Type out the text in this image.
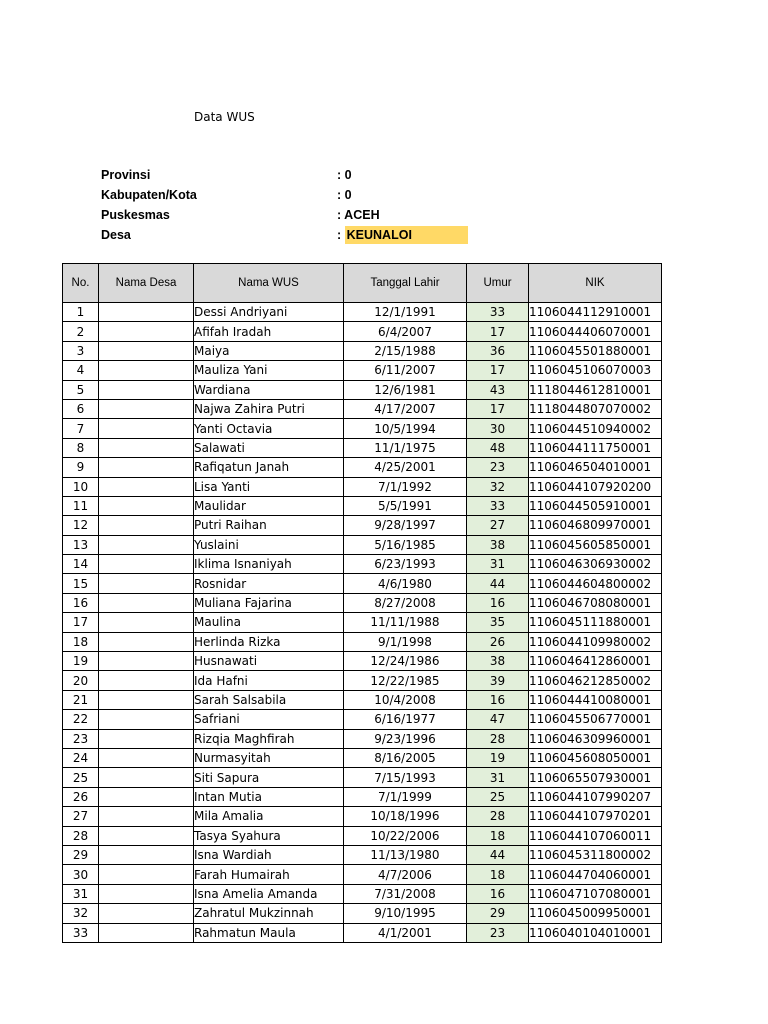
Data WUS
Provinsi	: 0
Kabupaten/Kota	: 0
Puskesmas	: ACEH
Desa	: KEUNALOI
No.	Nama Desa	Nama WUS	Tanggal Lahir	Umur	NIK
1		Dessi Andriyani	12/1/1991	33	1106044112910001
2		Afifah Iradah	6/4/2007	17	1106044406070001
3		Maiya	2/15/1988	36	1106045501880001
4		Mauliza Yani	6/11/2007	17	1106045106070003
5		Wardiana	12/6/1981	43	1118044612810001
6		Najwa Zahira Putri	4/17/2007	17	1118044807070002
7		Yanti Octavia	10/5/1994	30	1106044510940002
8		Salawati	11/1/1975	48	1106044111750001
9		Rafiqatun Janah	4/25/2001	23	1106046504010001
10		Lisa Yanti	7/1/1992	32	1106044107920200
11		Maulidar	5/5/1991	33	1106044505910001
12		Putri Raihan	9/28/1997	27	1106046809970001
13		Yuslaini	5/16/1985	38	1106045605850001
14		Iklima Isnaniyah	6/23/1993	31	1106046306930002
15		Rosnidar	4/6/1980	44	1106044604800002
16		Muliana Fajarina	8/27/2008	16	1106046708080001
17		Maulina	11/11/1988	35	1106045111880001
18		Herlinda Rizka	9/1/1998	26	1106044109980002
19		Husnawati	12/24/1986	38	1106046412860001
20		Ida Hafni	12/22/1985	39	1106046212850002
21		Sarah Salsabila	10/4/2008	16	1106044410080001
22		Safriani	6/16/1977	47	1106045506770001
23		Rizqia Maghfirah	9/23/1996	28	1106046309960001
24		Nurmasyitah	8/16/2005	19	1106045608050001
25		Siti Sapura	7/15/1993	31	1106065507930001
26		Intan Mutia	7/1/1999	25	1106044107990207
27		Mila Amalia	10/18/1996	28	1106044107970201
28		Tasya Syahura	10/22/2006	18	1106044107060011
29		Isna Wardiah	11/13/1980	44	1106045311800002
30		Farah Humairah	4/7/2006	18	1106044704060001
31		Isna Amelia Amanda	7/31/2008	16	1106047107080001
32		Zahratul Mukzinnah	9/10/1995	29	1106045009950001
33		Rahmatun Maula	4/1/2001	23	1106040104010001
